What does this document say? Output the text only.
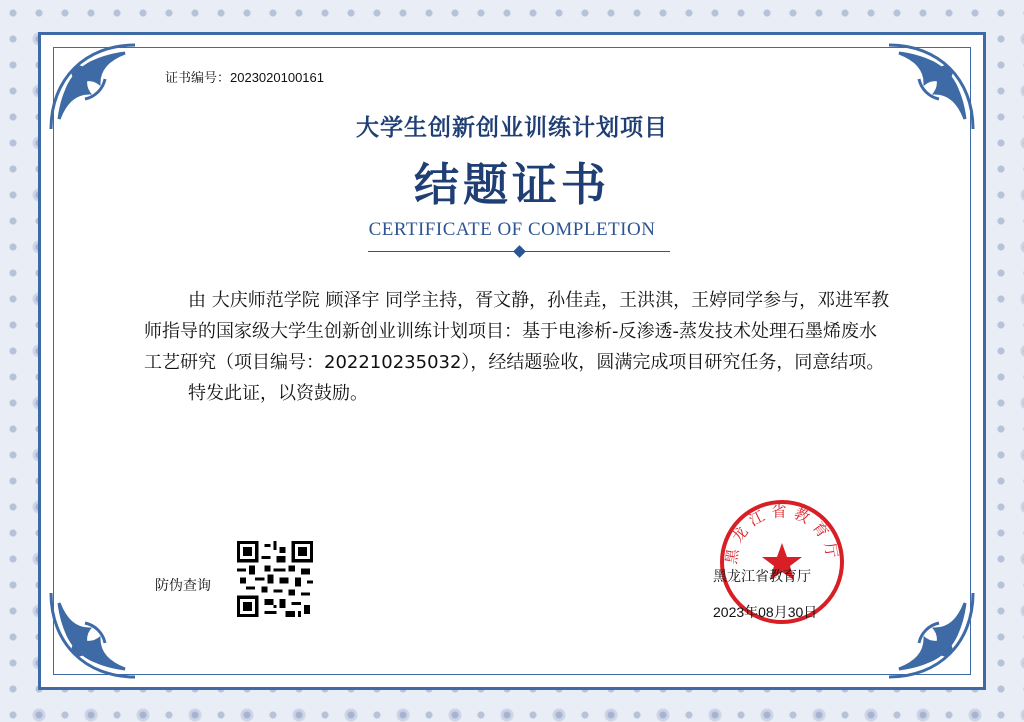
证书编号：2023020100161
大学生创新创业训练计划项目
结题证书
CERTIFICATE OF COMPLETION

由 大庆师范学院 顾泽宇 同学主持，胥文静，孙佳垚，王洪淇，王婷同学参与，邓进军教师指导的国家级大学生创新创业训练计划项目：基于电渗析-反渗透-蒸发技术处理石墨烯废水工艺研究（项目编号：202210235032），经结题验收，圆满完成项目研究任务，同意结项。

特发此证，以资鼓励。

防伪查询
黑龙江省教育厅
黑龙江省教育厅
2023年08月30日
